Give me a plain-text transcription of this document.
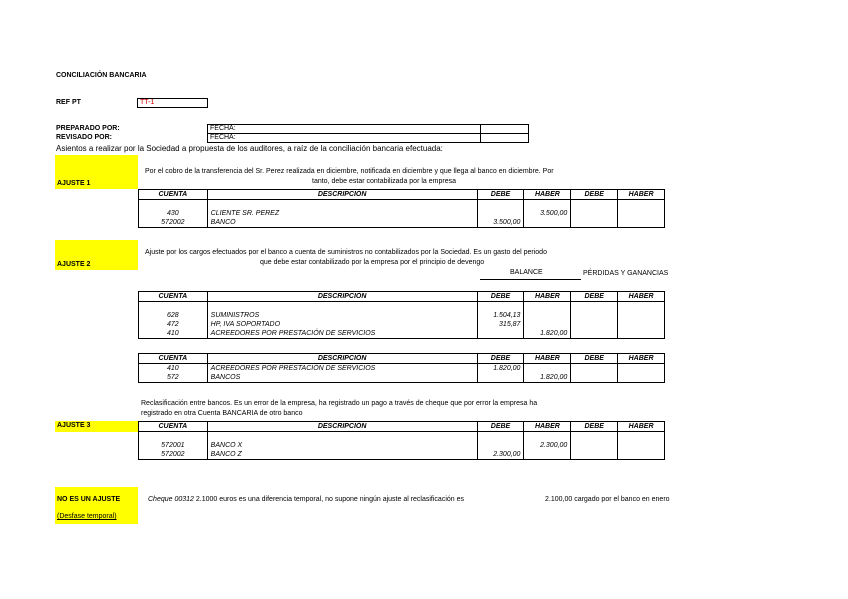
CONCILIACIÓN BANCARIA
REF PT	TT-1
PREPARADO POR:
REVISADO POR:
FECHA:
FECHA:
Asientos a realizar por la Sociedad a propuesta de los auditores, a raíz de la conciliación bancaria efectuada:
AJUSTE 1
Por el cobro de la transferencia del Sr. Perez realizada en diciembre, notificada en diciembre y que llega al banco en diciembre. Por
tanto, debe estar contabilizada por la empresa
CUENTA	DESCRIPCIÓN	DEBE	HABER	DEBE	HABER

430	CLIENTE SR. PEREZ		3.500,00		
572002	BANCO	3.500,00			
AJUSTE 2
Ajuste por los cargos efectuados por el banco a cuenta de suministros no contabilizados por la Sociedad. Es un gasto del periodo
que debe estar contabilizado por la empresa por el principio de devengo
BALANCE	PÉRDIDAS Y GANANCIAS
CUENTA	DESCRIPCIÓN	DEBE	HABER	DEBE	HABER

628	SUMINISTROS	1.504,13			
472	HP, IVA SOPORTADO	315,87			
410	ACREEDORES POR PRESTACIÓN DE SERVICIOS		1.820,00		
CUENTA	DESCRIPCIÓN	DEBE	HABER	DEBE	HABER
410	ACREEDORES POR PRESTACIÓN DE SERVICIOS	1.820,00			
572	BANCOS		1.820,00		
Reclasificación entre bancos. Es un error de la empresa, ha registrado un pago a través de cheque que por error la empresa ha
registrado en otra Cuenta BANCARIA de otro banco
AJUSTE 3	CUENTA	DESCRIPCIÓN	DEBE	HABER	DEBE	HABER

572001	BANCO X		2.300,00		
572002	BANCO Z	2.300,00			
NO ES UN AJUSTE
(Desfase temporal)
Cheque 00312 2.1000 euros es una diferencia temporal, no supone ningún ajuste al reclasificación es	2.100,00 cargado por el banco en enero
